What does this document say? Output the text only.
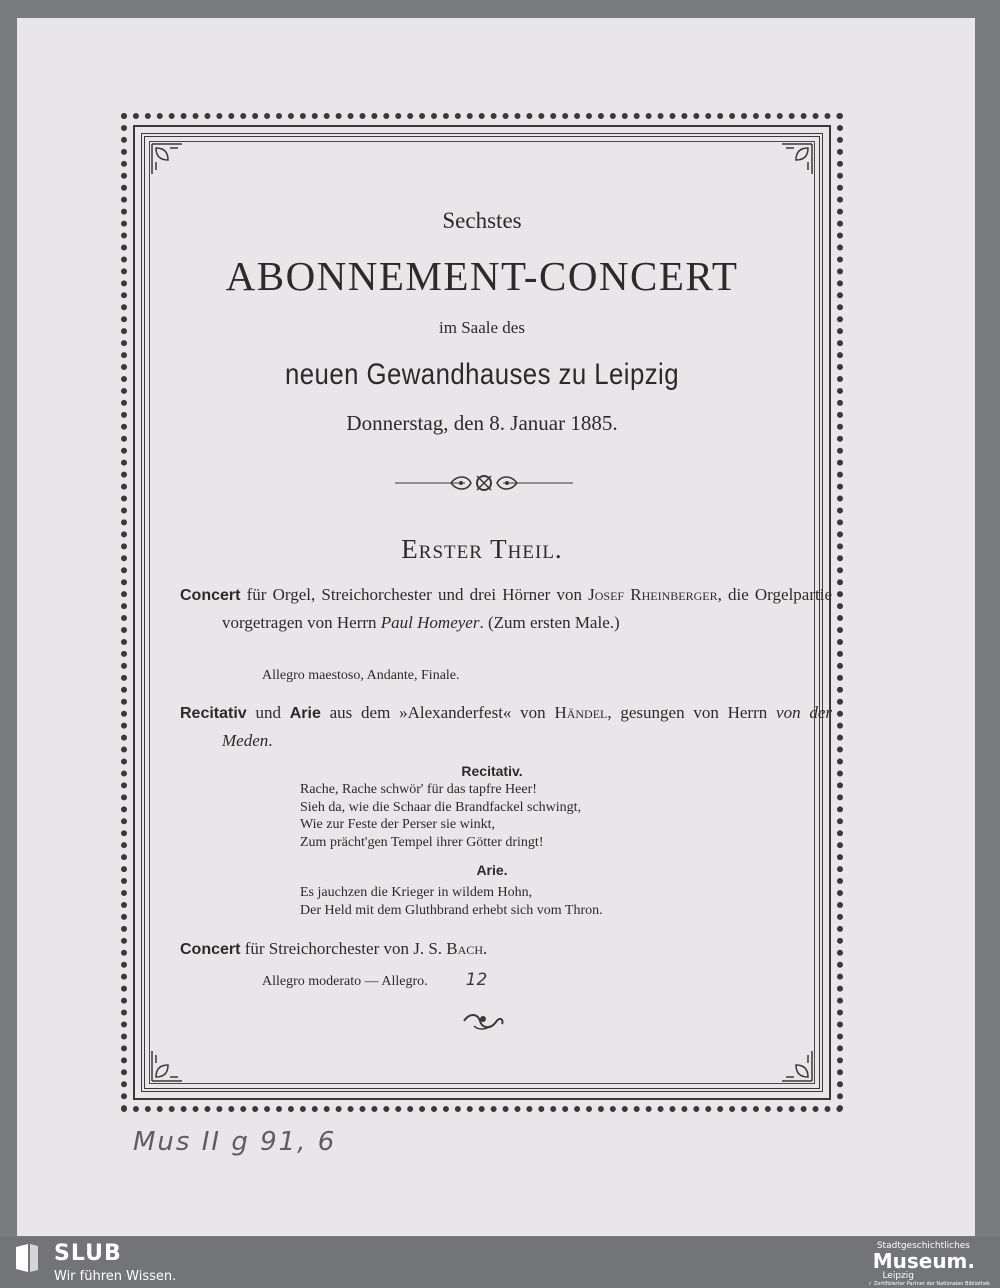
Sechstes
ABONNEMENT-CONCERT
im Saale des
neuen Gewandhauses zu Leipzig
Donnerstag, den 8. Januar 1885.
Erster Theil.
Concert für Orgel, Streichorchester und drei Hörner von Josef Rheinberger, die Orgelpartie vorgetragen von Herrn Paul Homeyer. (Zum ersten Male.)
Allegro maestoso, Andante, Finale.
Recitativ und Arie aus dem »Alexanderfest« von Händel, gesungen von Herrn von der Meden.
Recitativ.
Rache, Rache schwör' für das tapfre Heer!
Sieh da, wie die Schaar die Brandfackel schwingt,
Wie zur Feste der Perser sie winkt,
Zum prächt'gen Tempel ihrer Götter dringt!
Arie.
Es jauchzen die Krieger in wildem Hohn,
Der Held mit dem Gluthbrand erhebt sich vom Thron.
Concert für Streichorchester von J. S. Bach.
Allegro moderato — Allegro. 12
Mus II g 91, 6
SLUB
Wir führen Wissen.
Stadtgeschichtliches
Museum.
Leipzig
✓ Zertifizierter Partner der Nationalen Bibliothek
